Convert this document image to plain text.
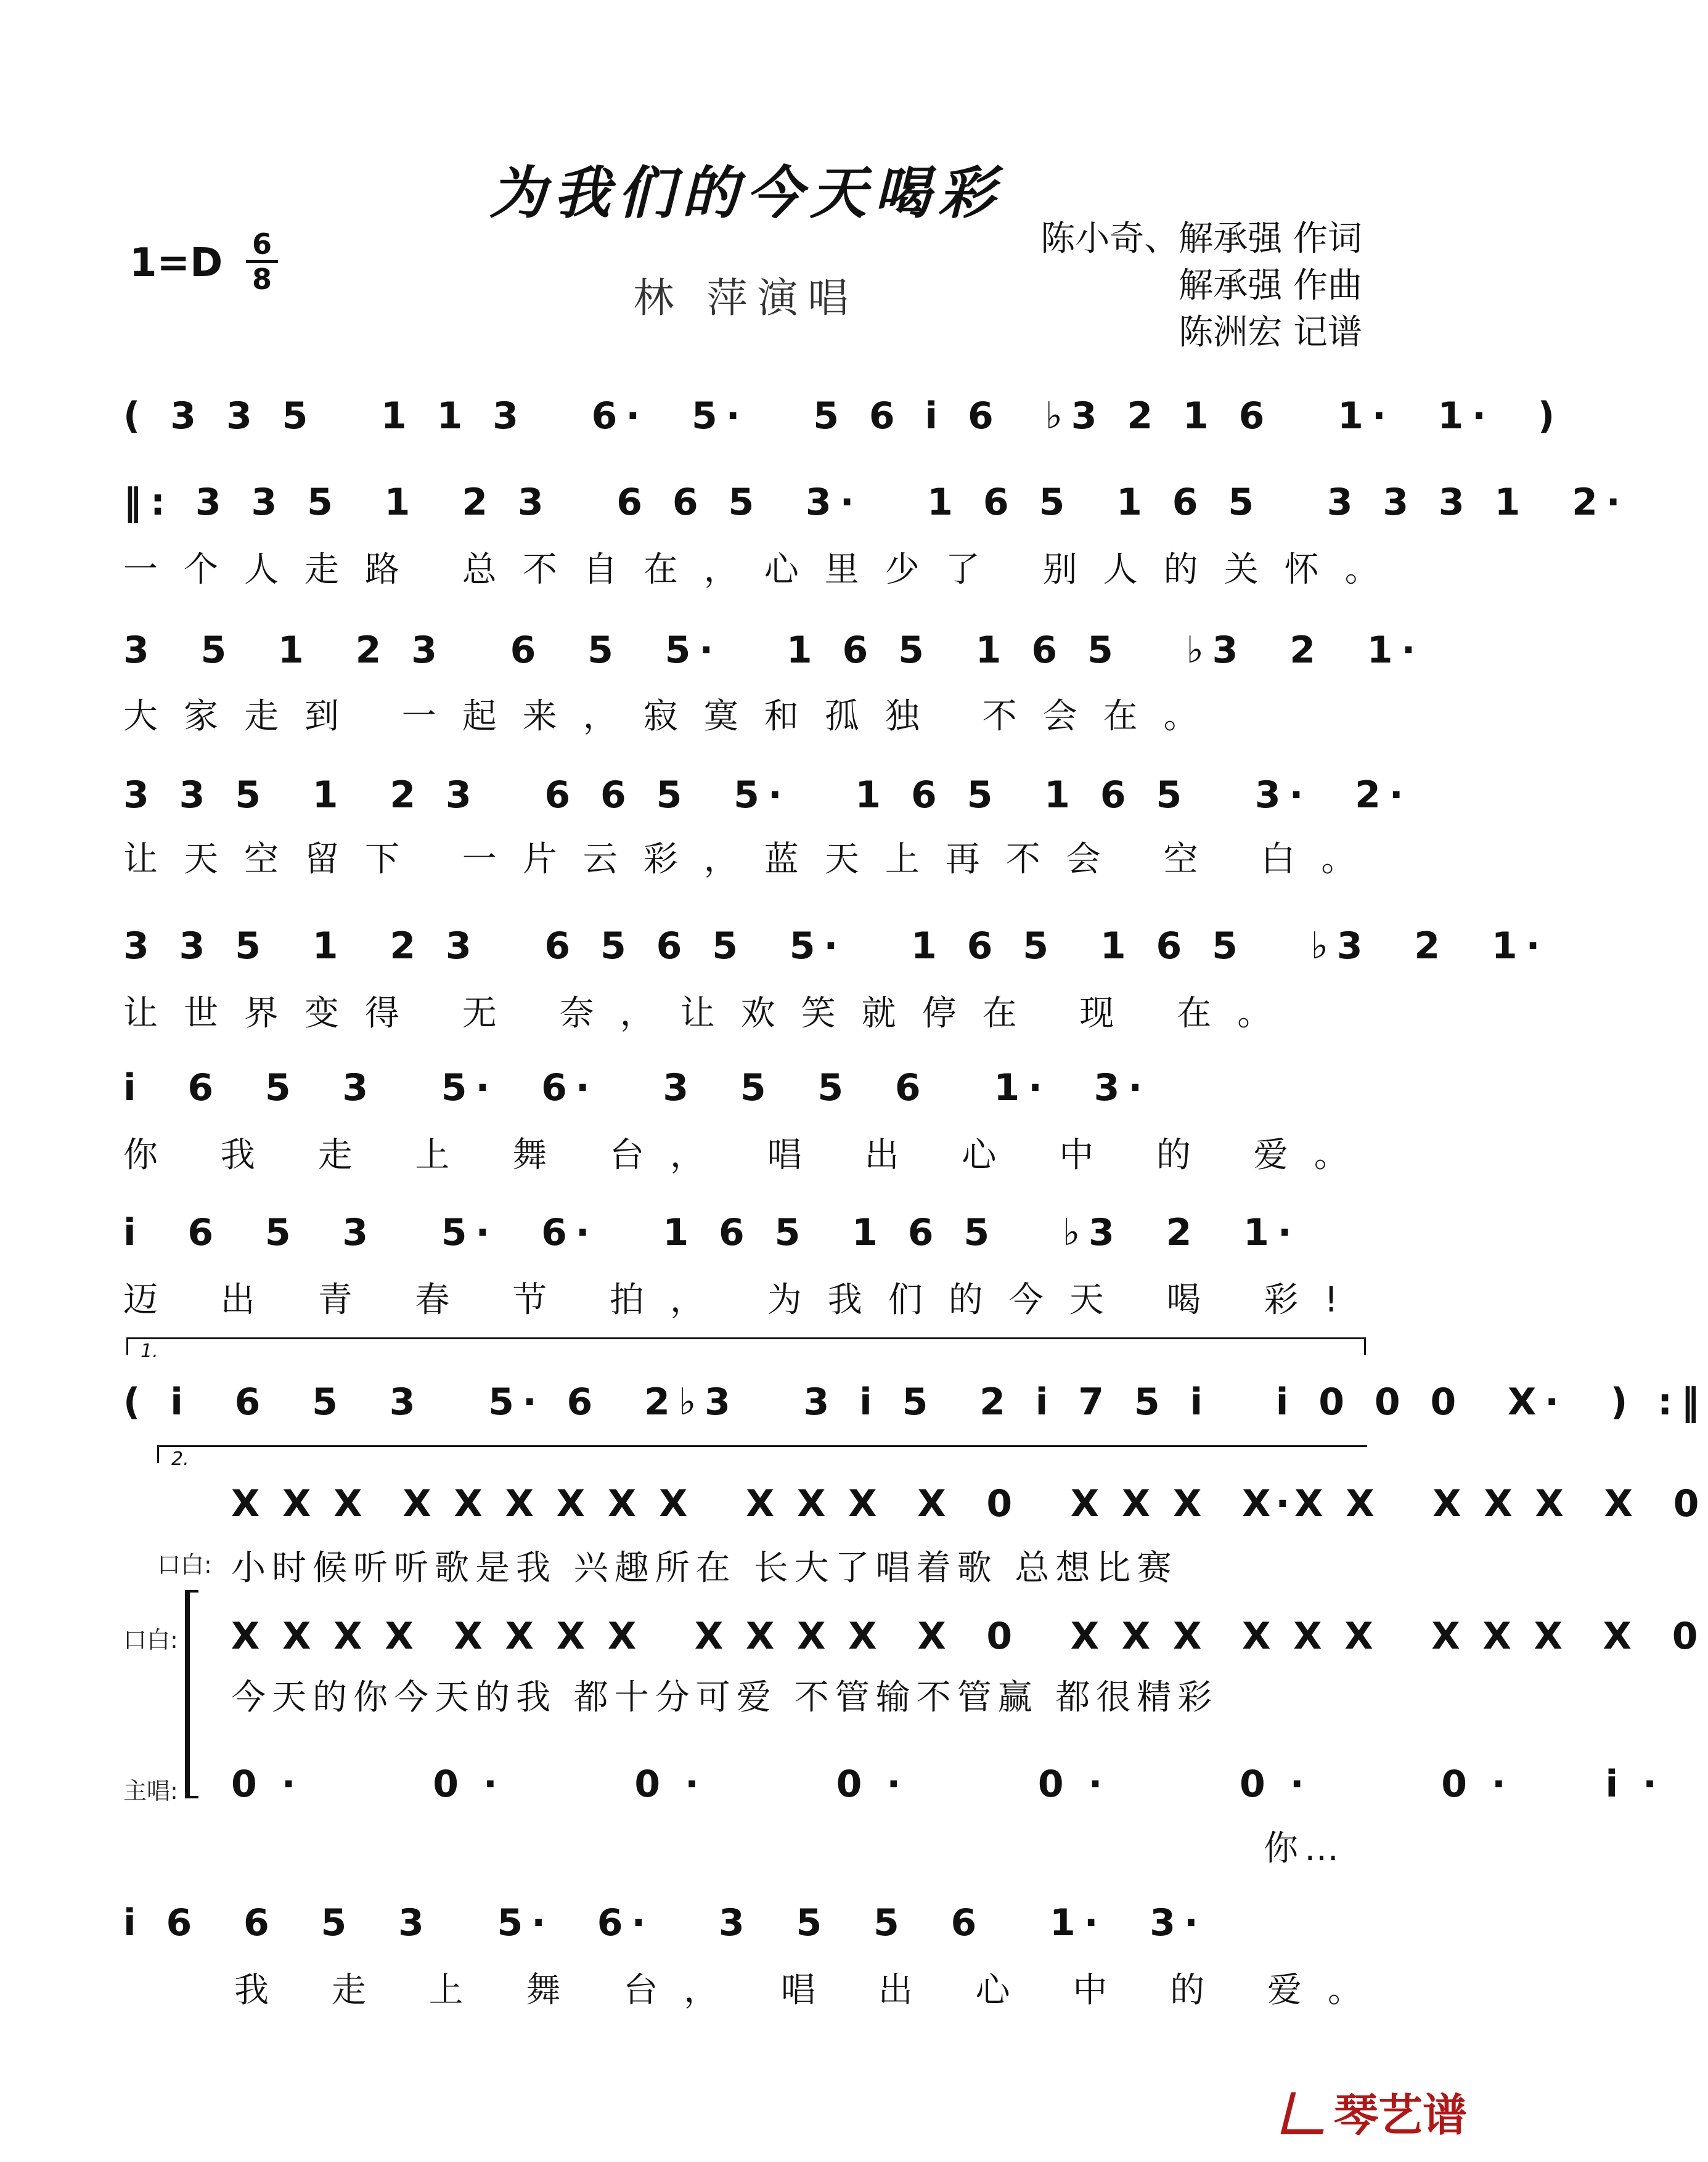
为我们的今天喝彩
1=D	6
8	林 萍演唱
陈小奇、解承强 作词
解承强 作曲
陈洲宏 记谱
( 3 3 5   1 1 3   6·  5·   5 6 i 6  ♭3 2 1 6   1·  1·  )
‖: 3 3 5  1  2 3   6 6 5  3·   1 6 5  1 6 5   3 3 3 1  2·
一个人走路 总不自在，心里少了 别人的关怀。
3  5  1  2 3   6  5  5·   1 6 5  1 6 5   ♭3  2  1·
大家走到 一起来，寂寞和孤独 不会在。
3 3 5  1  2 3   6 6 5  5·   1 6 5  1 6 5   3·  2·
让天空留下 一片云彩，蓝天上再不会 空 白。
3 3 5  1  2 3   6 5 6 5  5·   1 6 5  1 6 5   ♭3  2  1·
让世界变得 无 奈，让欢笑就停在 现 在。
i  6  5  3   5·  6·   3  5  5  6   1·  3·
你 我 走 上 舞 台， 唱 出 心 中 的 爱。
i  6  5  3   5·  6·   1 6 5  1 6 5   ♭3  2  1·
迈 出 青 春 节 拍， 为我们的今天 喝 彩!
1.
( i  6  5  3   5· 6  2♭3   3 i 5  2 i 7 5 i   i 0 0 0  X·  ) :‖
2.
X X X  X X X X X X   X X X  X  0   X X X  X·X X   X X X  X  0
口白: 小时候听听歌是我 兴趣所在 长大了唱着歌 总想比赛
口白: X X X X  X X X X   X X X X  X  0   X X X  X X X   X X X  X  0
今天的你今天的我 都十分可爱 不管输不管赢 都很精彩
主唱: 0·   0·   0·   0·   0·   0·   0·  i·
你…
i 6  6  5  3   5·  6·   3  5  5  6   1·  3·
我 走 上 舞 台， 唱 出 心 中 的 爱。
琴艺谱
